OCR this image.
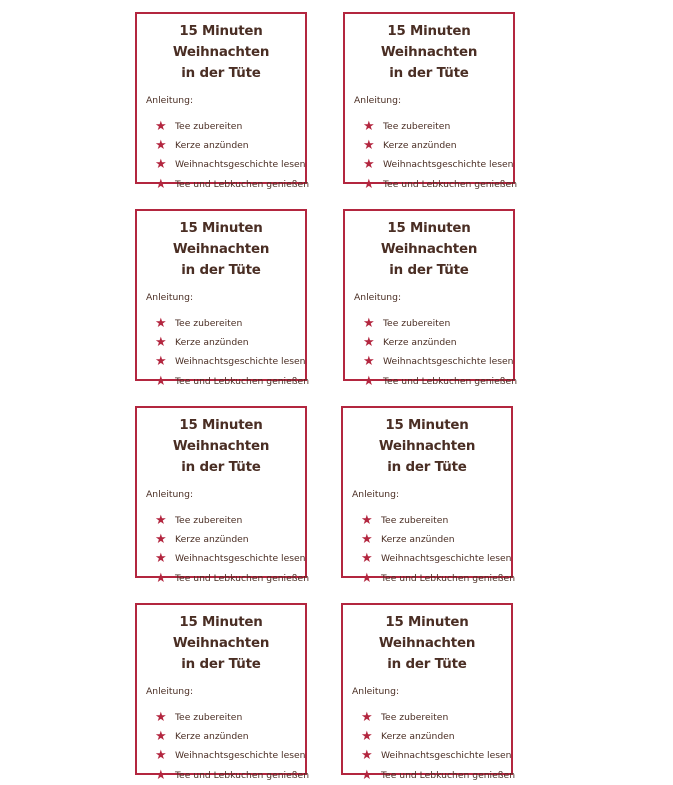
15 Minuten Weihnachten
in der Tüte
Anleitung:
★ Tee zubereiten
★ Kerze anzünden
★ Weihnachtsgeschichte lesen
★ Tee und Lebkuchen genießen
15 Minuten Weihnachten
in der Tüte
Anleitung:
★ Tee zubereiten
★ Kerze anzünden
★ Weihnachtsgeschichte lesen
★ Tee und Lebkuchen genießen
15 Minuten Weihnachten
in der Tüte
Anleitung:
★ Tee zubereiten
★ Kerze anzünden
★ Weihnachtsgeschichte lesen
★ Tee und Lebkuchen genießen
15 Minuten Weihnachten
in der Tüte
Anleitung:
★ Tee zubereiten
★ Kerze anzünden
★ Weihnachtsgeschichte lesen
★ Tee und Lebkuchen genießen
15 Minuten Weihnachten
in der Tüte
Anleitung:
★ Tee zubereiten
★ Kerze anzünden
★ Weihnachtsgeschichte lesen
★ Tee und Lebkuchen genießen
15 Minuten Weihnachten
in der Tüte
Anleitung:
★ Tee zubereiten
★ Kerze anzünden
★ Weihnachtsgeschichte lesen
★ Tee und Lebkuchen genießen
15 Minuten Weihnachten
in der Tüte
Anleitung:
★ Tee zubereiten
★ Kerze anzünden
★ Weihnachtsgeschichte lesen
★ Tee und Lebkuchen genießen
15 Minuten Weihnachten
in der Tüte
Anleitung:
★ Tee zubereiten
★ Kerze anzünden
★ Weihnachtsgeschichte lesen
★ Tee und Lebkuchen genießen
